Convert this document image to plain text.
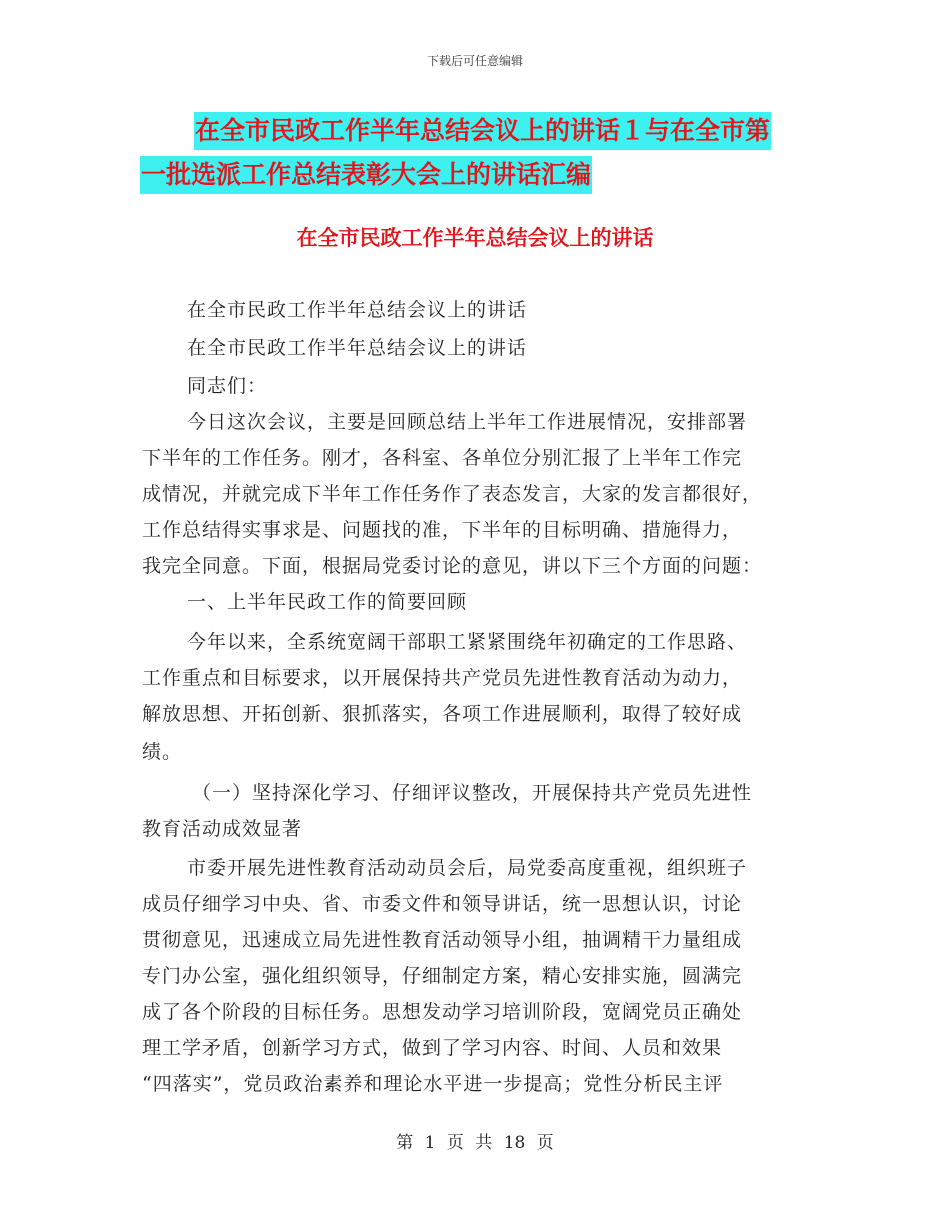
下载后可任意编辑
在全市民政工作半年总结会议上的讲话１与在全市第
一批选派工作总结表彰大会上的讲话汇编
在全市民政工作半年总结会议上的讲话
在全市民政工作半年总结会议上的讲话
在全市民政工作半年总结会议上的讲话
同志们：
今日这次会议，主要是回顾总结上半年工作进展情况，安排部署
下半年的工作任务。刚才，各科室、各单位分别汇报了上半年工作完
成情况，并就完成下半年工作任务作了表态发言，大家的发言都很好，
工作总结得实事求是、问题找的准，下半年的目标明确、措施得力，
我完全同意。下面，根据局党委讨论的意见，讲以下三个方面的问题：
一、上半年民政工作的简要回顾
今年以来，全系统宽阔干部职工紧紧围绕年初确定的工作思路、
工作重点和目标要求，以开展保持共产党员先进性教育活动为动力，
解放思想、开拓创新、狠抓落实，各项工作进展顺利，取得了较好成
绩。
（一）坚持深化学习、仔细评议整改，开展保持共产党员先进性
教育活动成效显著
市委开展先进性教育活动动员会后，局党委高度重视，组织班子
成员仔细学习中央、省、市委文件和领导讲话，统一思想认识，讨论
贯彻意见，迅速成立局先进性教育活动领导小组，抽调精干力量组成
专门办公室，强化组织领导，仔细制定方案，精心安排实施，圆满完
成了各个阶段的目标任务。思想发动学习培训阶段，宽阔党员正确处
理工学矛盾，创新学习方式，做到了学习内容、时间、人员和效果
“四落实”，党员政治素养和理论水平进一步提高；党性分析民主评
第 1 页 共 18 页
